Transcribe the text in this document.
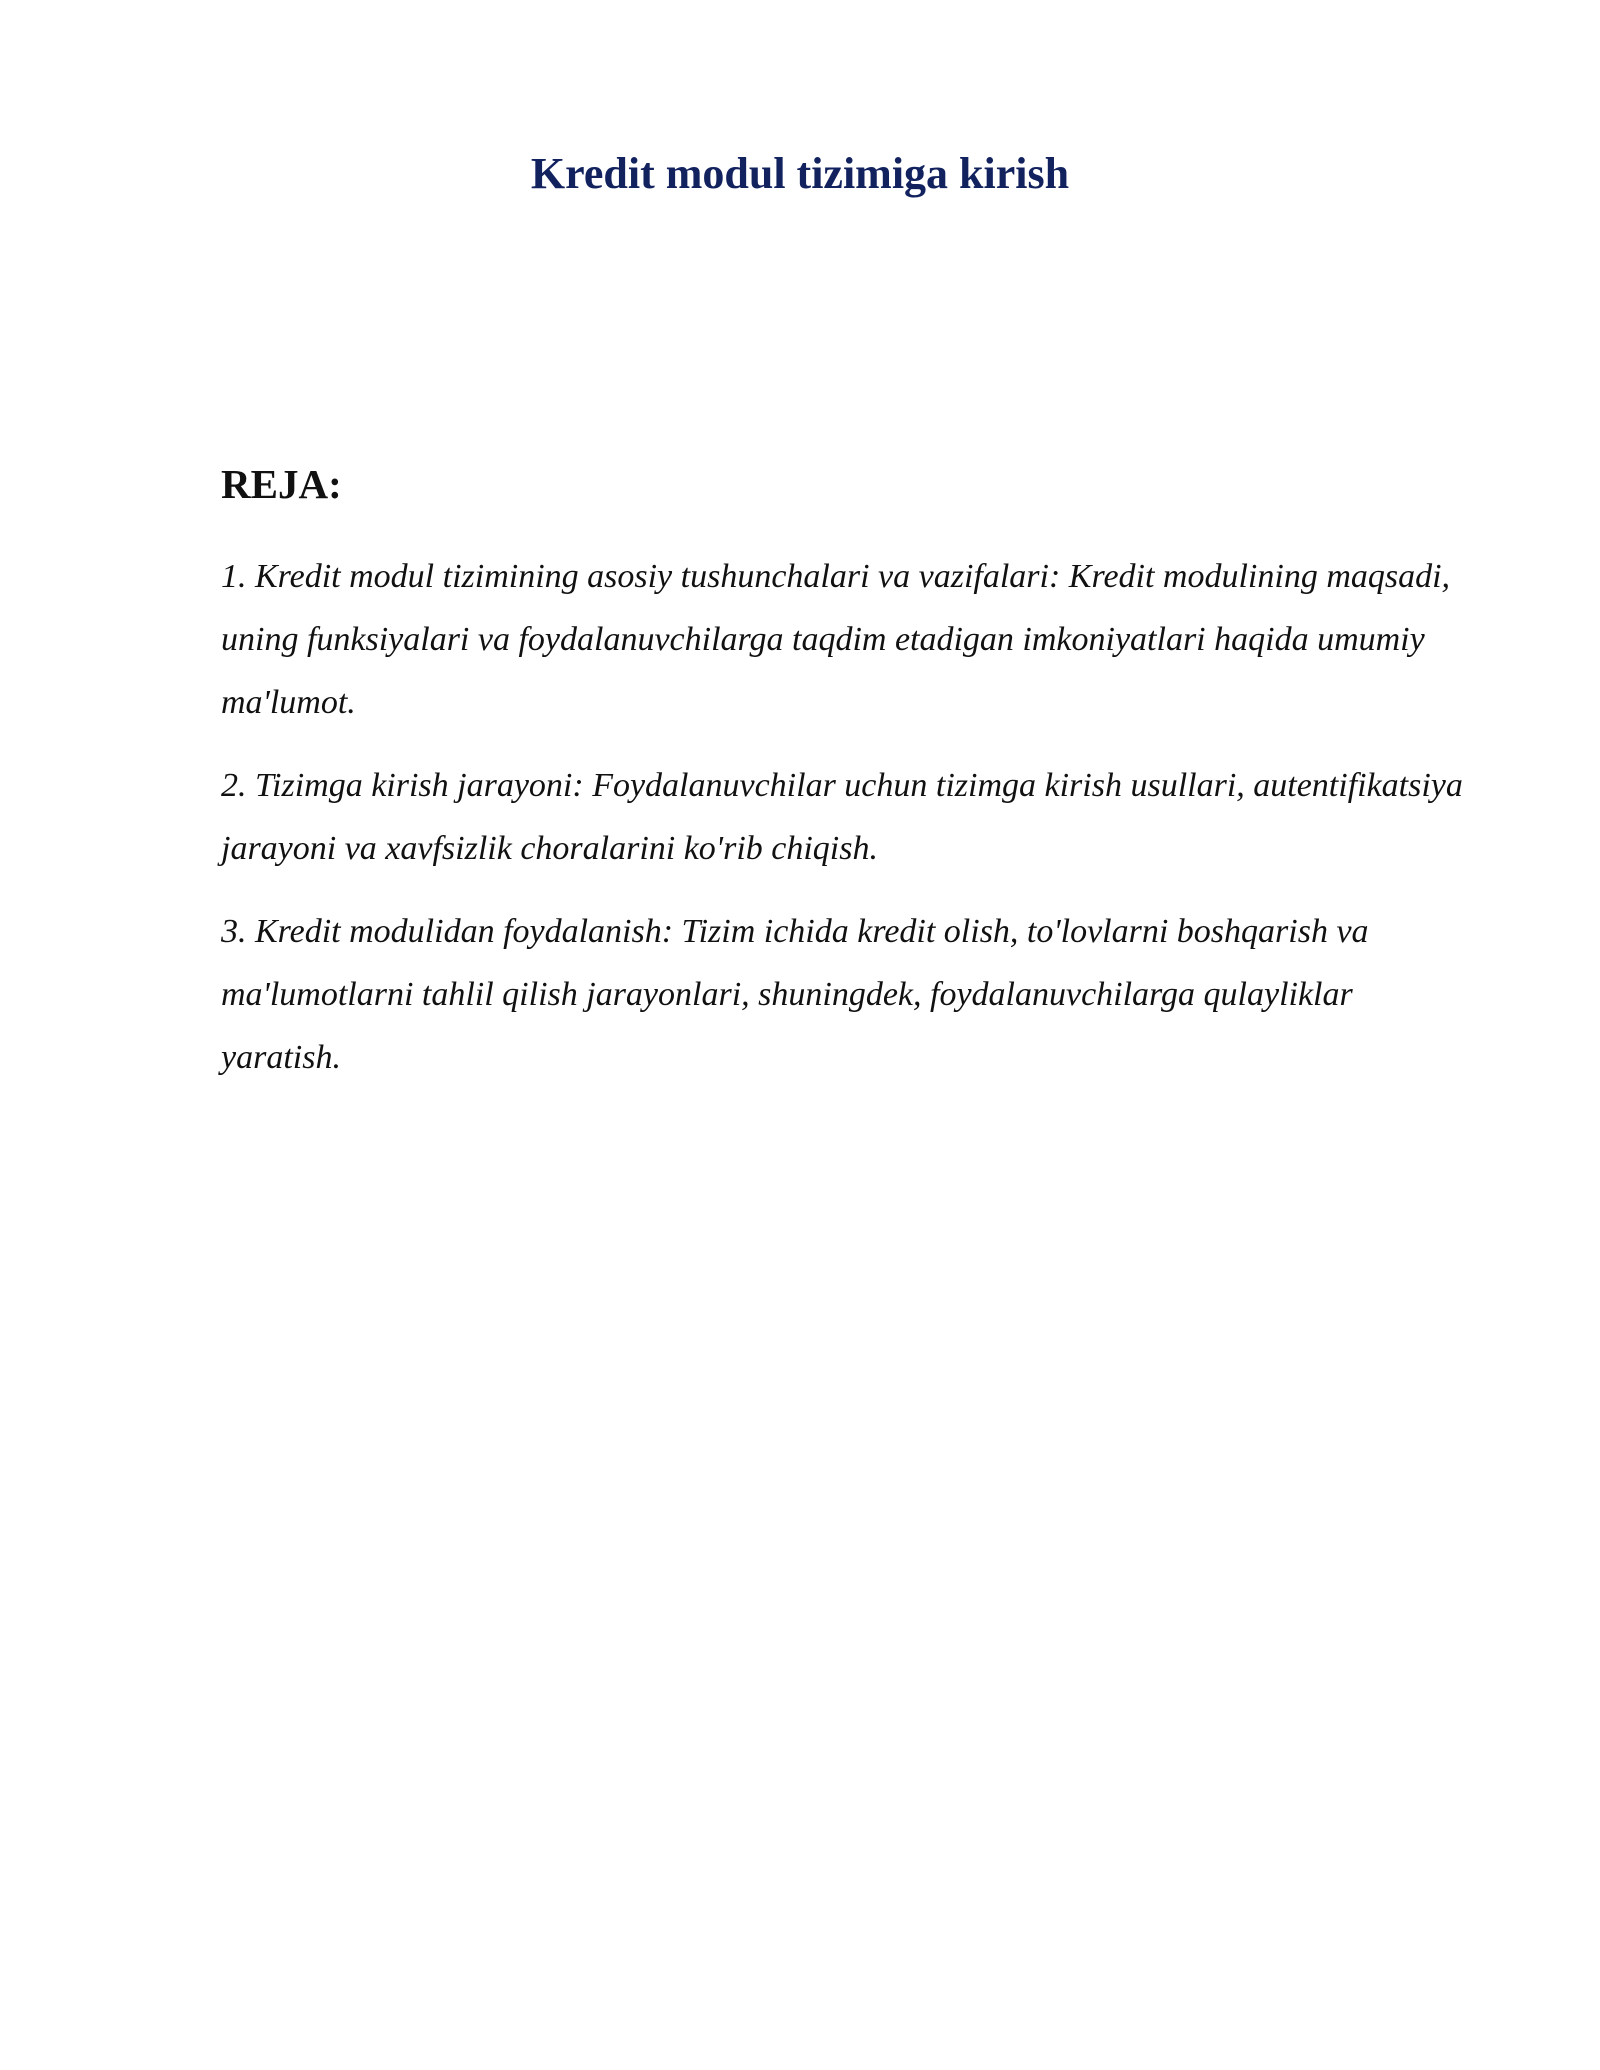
Kredit modul tizimiga kirish
REJA:
1. Kredit modul tizimining asosiy tushunchalari va vazifalari: Kredit modulining maqsadi, uning funksiyalari va foydalanuvchilarga taqdim etadigan imkoniyatlari haqida umumiy ma'lumot.
2. Tizimga kirish jarayoni: Foydalanuvchilar uchun tizimga kirish usullari, autentifikatsiya jarayoni va xavfsizlik choralarini ko'rib chiqish.
3. Kredit modulidan foydalanish: Tizim ichida kredit olish, to'lovlarni boshqarish va ma'lumotlarni tahlil qilish jarayonlari, shuningdek, foydalanuvchilarga qulayliklar yaratish.
